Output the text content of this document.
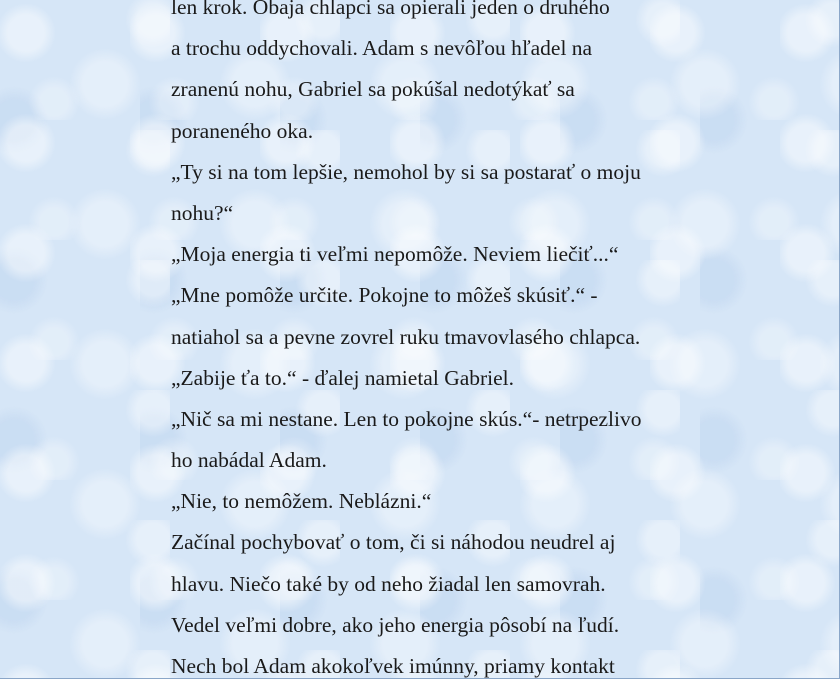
len krok. Obaja chlapci sa opierali jeden o druhého
a trochu oddychovali. Adam s nevôľou hľadel na
zranenú nohu, Gabriel sa pokúšal nedotýkať sa
poraneného oka.
„Ty si na tom lepšie, nemohol by si sa postarať o moju
nohu?“
„Moja energia ti veľmi nepomôže. Neviem liečiť...“
„Mne pomôže určite. Pokojne to môžeš skúsiť.“ -
natiahol sa a pevne zovrel ruku tmavovlasého chlapca.
„Zabije ťa to.“ - ďalej namietal Gabriel.
„Nič sa mi nestane. Len to pokojne skús.“- netrpezlivo
ho nabádal Adam.
„Nie, to nemôžem. Neblázni.“
Začínal pochybovať o tom, či si náhodou neudrel aj
hlavu. Niečo také by od neho žiadal len samovrah.
Vedel veľmi dobre, ako jeho energia pôsobí na ľudí.
Nech bol Adam akokoľvek imúnny, priamy kontakt
